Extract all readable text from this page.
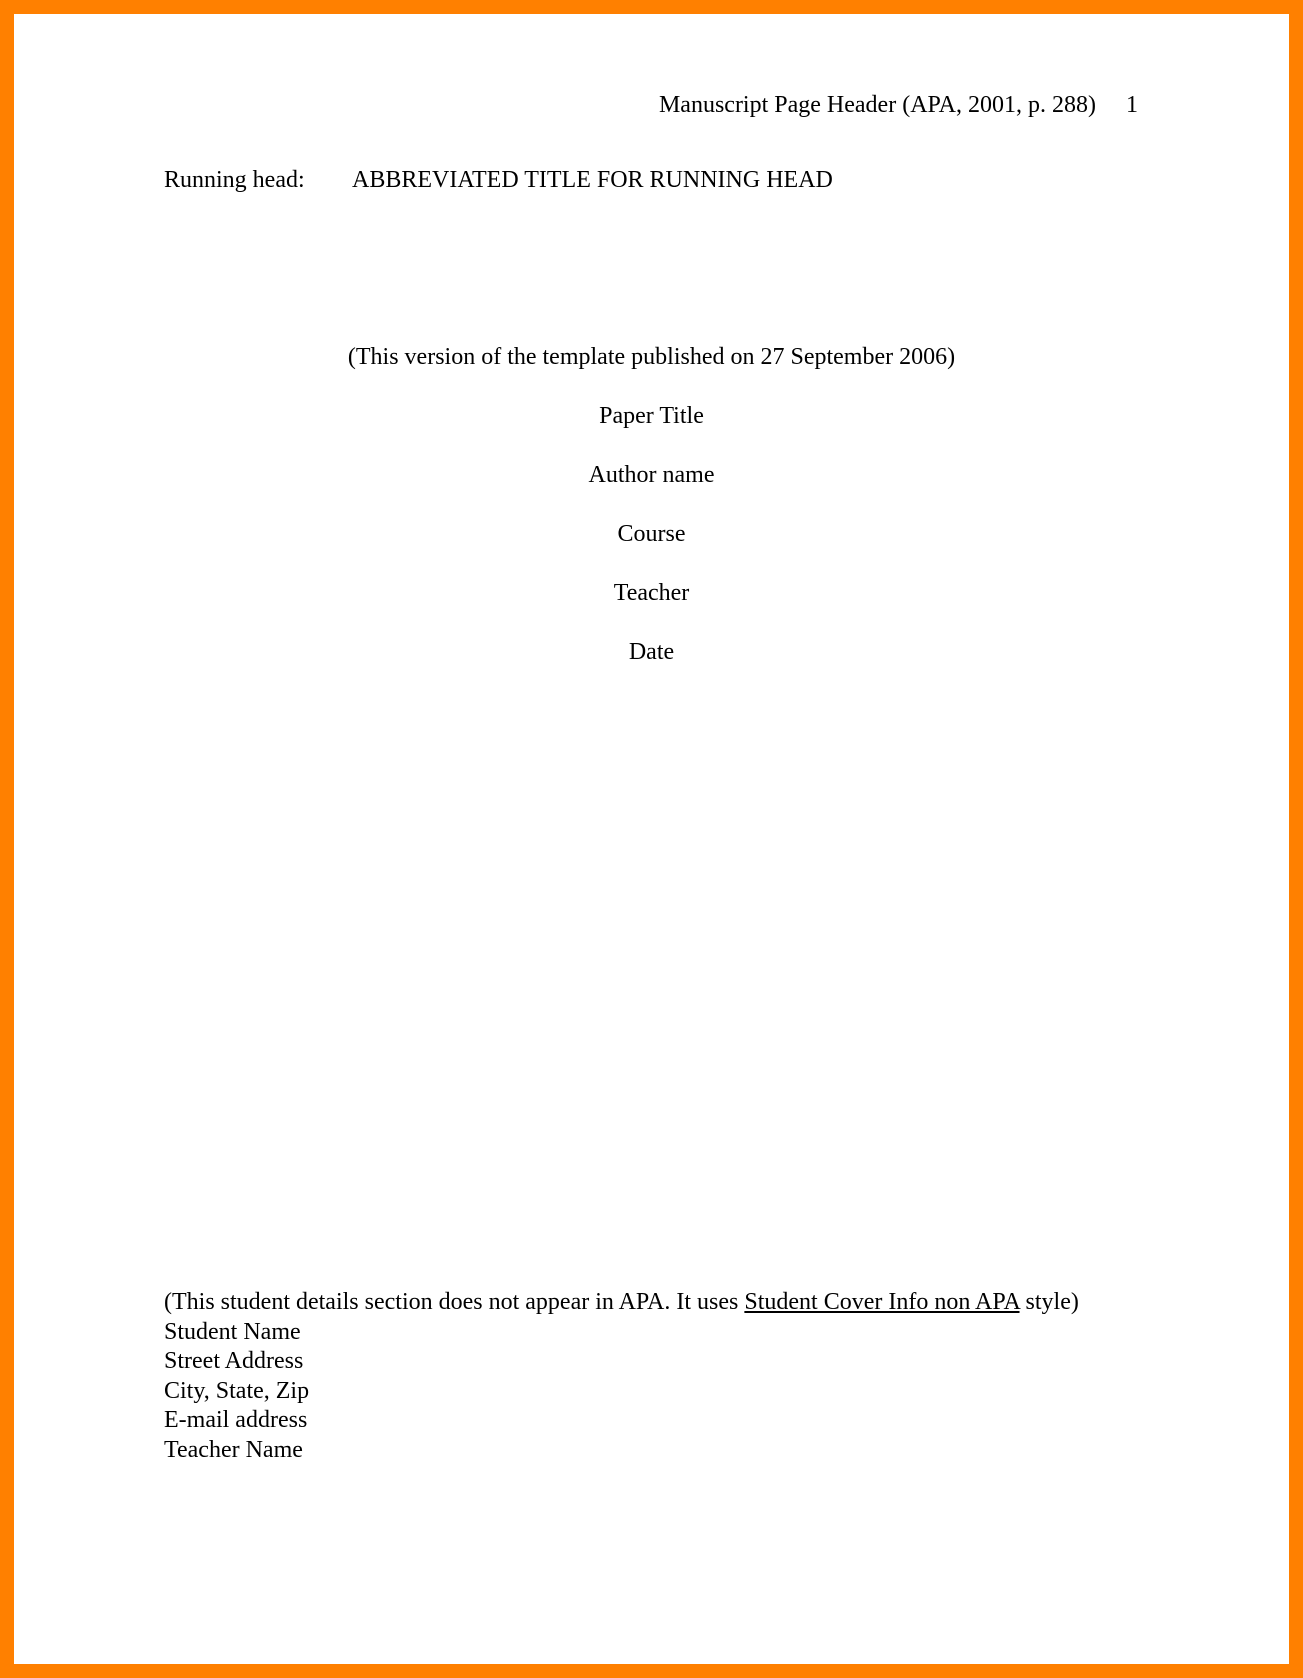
Manuscript Page Header (APA, 2001, p. 288) 1
Running head: ABBREVIATED TITLE FOR RUNNING HEAD
(This version of the template published on 27 September 2006)
Paper Title
Author name
Course
Teacher
Date
(This student details section does not appear in APA. It uses Student Cover Info non APA style)
Student Name
Street Address
City, State, Zip
E-mail address
Teacher Name
